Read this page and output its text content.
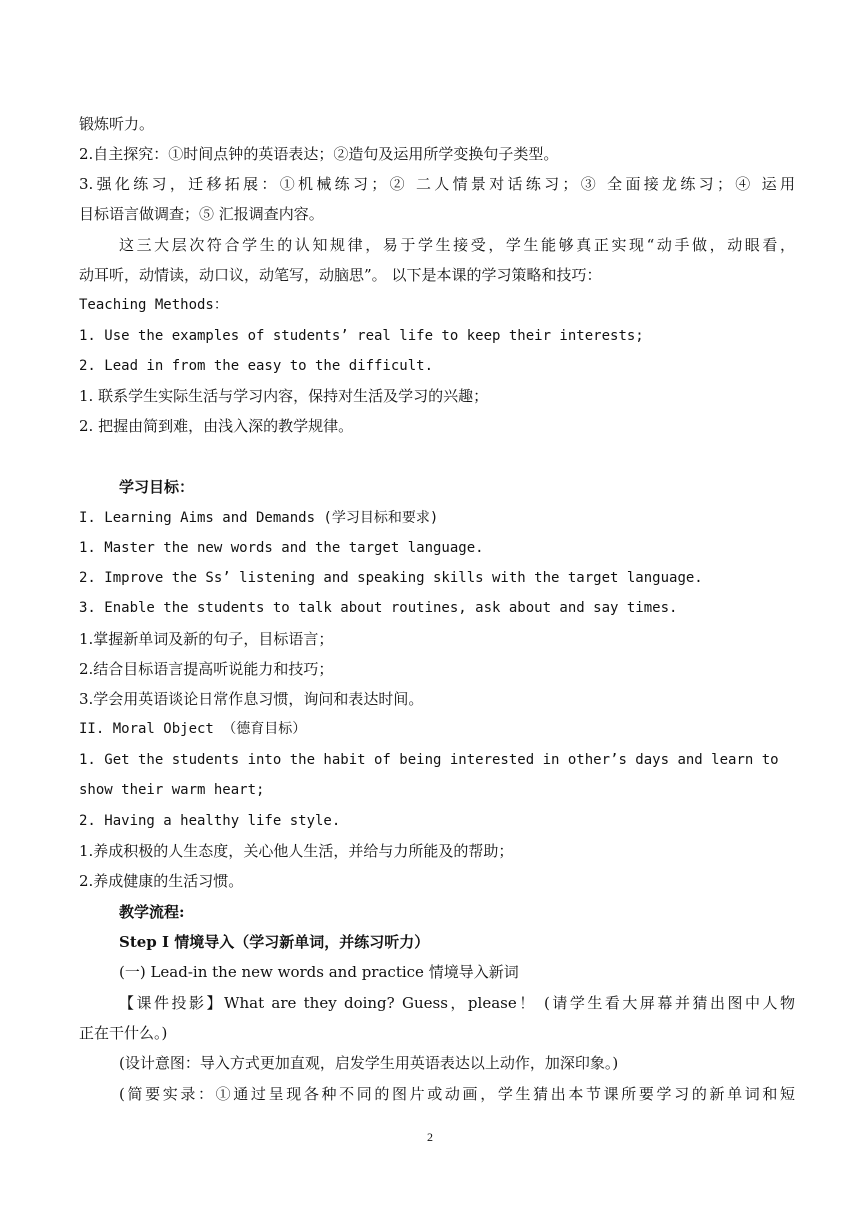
锻炼听力。
2.自主探究：①时间点钟的英语表达；②造句及运用所学变换句子类型。
3.强化练习，迁移拓展：①机械练习；② 二人情景对话练习；③ 全面接龙练习；④ 运用
目标语言做调查；⑤ 汇报调查内容。
这三大层次符合学生的认知规律，易于学生接受，学生能够真正实现“动手做，动眼看，
动耳听，动情读，动口议，动笔写，动脑思”。 以下是本课的学习策略和技巧：
Teaching Methods：
1. Use the examples of students’ real life to keep their interests;
2. Lead in from the easy to the difficult.
1. 联系学生实际生活与学习内容，保持对生活及学习的兴趣；
2. 把握由简到难，由浅入深的教学规律。
学习目标：
I. Learning Aims and Demands (学习目标和要求)
1. Master the new words and the target language.
2. Improve the Ss’ listening and speaking skills with the target language.
3. Enable the students to talk about routines, ask about and say times.
1.掌握新单词及新的句子，目标语言；
2.结合目标语言提高听说能力和技巧；
3.学会用英语谈论日常作息习惯，询问和表达时间。
II. Moral Object （德育目标）
1. Get the students into the habit of being interested in other’s days and learn to
show their warm heart;
2. Having a healthy life style.
1.养成积极的人生态度，关心他人生活，并给与力所能及的帮助；
2.养成健康的生活习惯。
教学流程:
Step I 情境导入（学习新单词，并练习听力）
(一) Lead-in the new words and practice 情境导入新词
【课件投影】What are they doing? Guess，please！ (请学生看大屏幕并猜出图中人物
正在干什么。)
(设计意图：导入方式更加直观，启发学生用英语表达以上动作，加深印象。)
(简要实录：①通过呈现各种不同的图片或动画，学生猜出本节课所要学习的新单词和短
2
